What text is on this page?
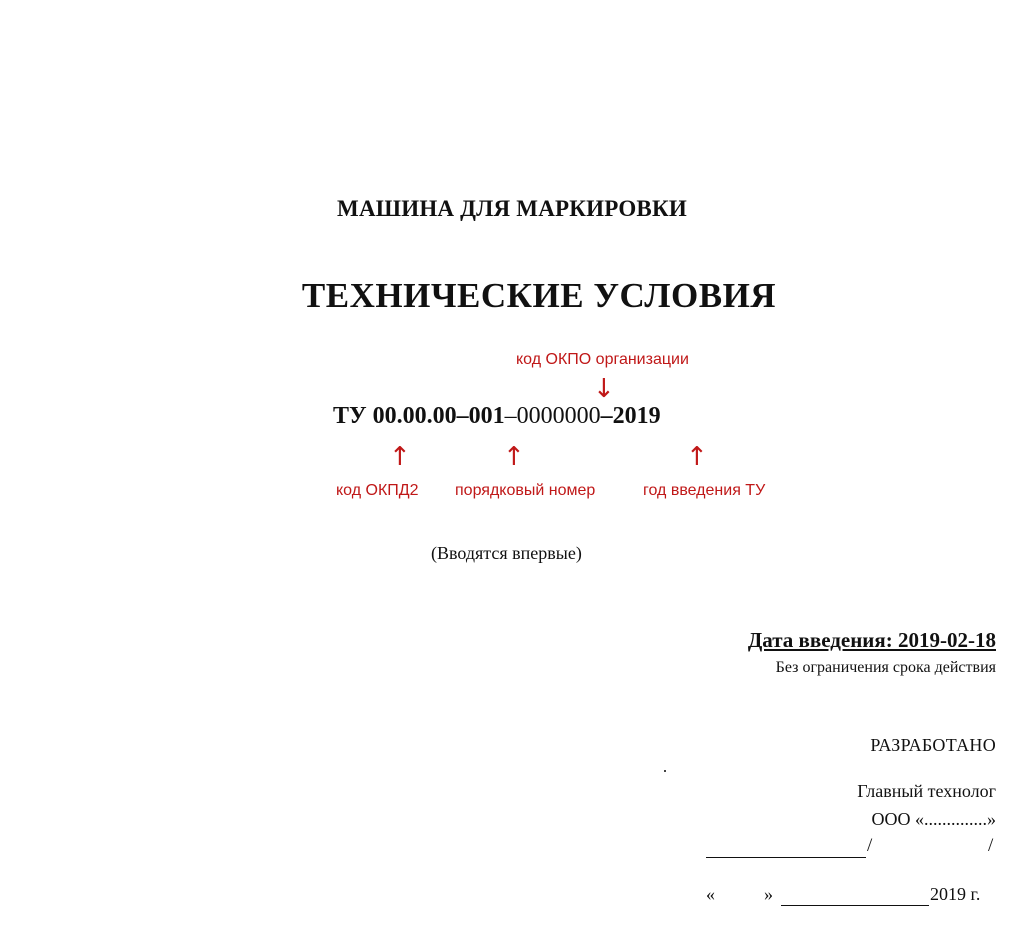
МАШИНА ДЛЯ МАРКИРОВКИ
ТЕХНИЧЕСКИЕ УСЛОВИЯ
код ОКПО организации
↓
ТУ 00.00.00–001–0000000–2019
↑	↑	↑
код ОКПД2 порядковый номер	год введения ТУ
(Вводятся впервые)
Дата введения: 2019-02-18
Без ограничения срока действия
РАЗРАБОТАНО
Главный технолог
ООО «..............»
/	/
«	»	2019 г.
